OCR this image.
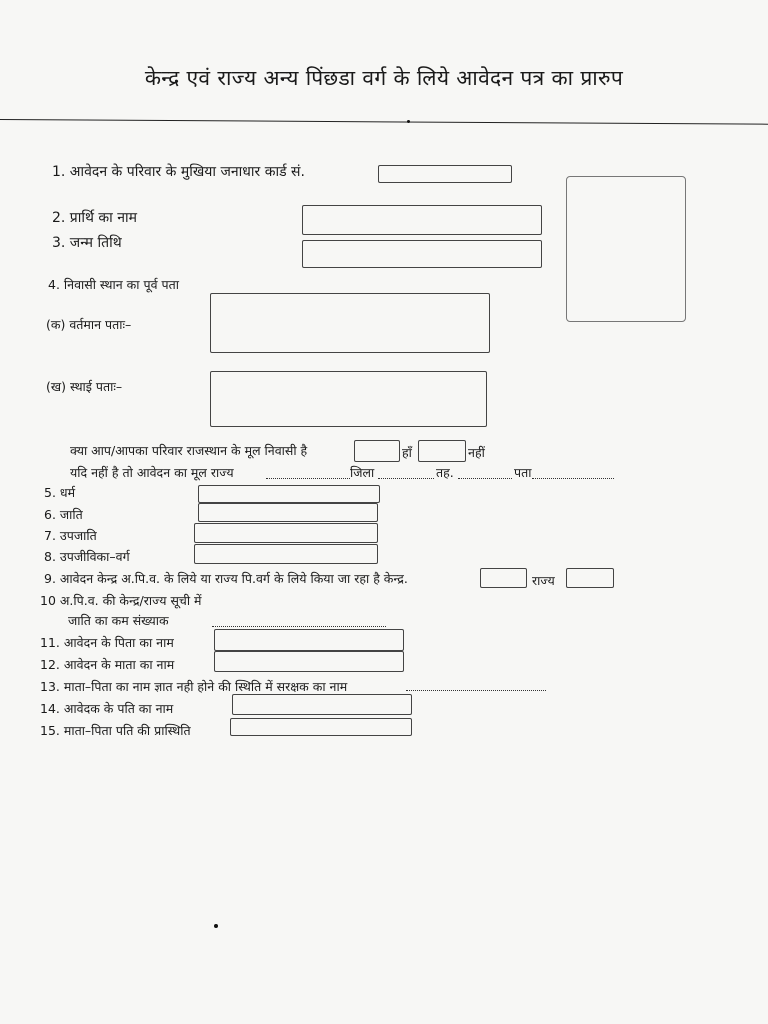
केन्द्र एवं राज्य अन्य पिंछडा वर्ग के लिये आवेदन पत्र का प्रारुप
1. आवेदन के परिवार के मुखिया जनाधार कार्ड सं.
2. प्रार्थि का नाम
3. जन्म तिथि
4. निवासी स्थान का पूर्व पता
(क) वर्तमान पताः–
(ख) स्थाई पताः–
क्या आप/आपका परिवार राजस्थान के मूल निवासी है	हाँ	नहीं
यदि नहीं है तो आवेदन का मूल राज्य	जिला	तह.	पता
5. धर्म
6. जाति
7. उपजाति
8. उपजीविका–वर्ग
9. आवेदन केन्द्र अ.पि.व. के लिये या राज्य पि.वर्ग के लिये किया जा रहा है केन्द्र.	राज्य
10 अ.पि.व. की केन्द्र/राज्य सूची में
जाति का कम संख्याक
11. आवेदन के पिता का नाम
12. आवेदन के माता का नाम
13. माता–पिता का नाम ज्ञात नही होने की स्थिति में सरक्षक का नाम
14. आवेदक के पति का नाम
15. माता–पिता पति की प्रास्थिति
